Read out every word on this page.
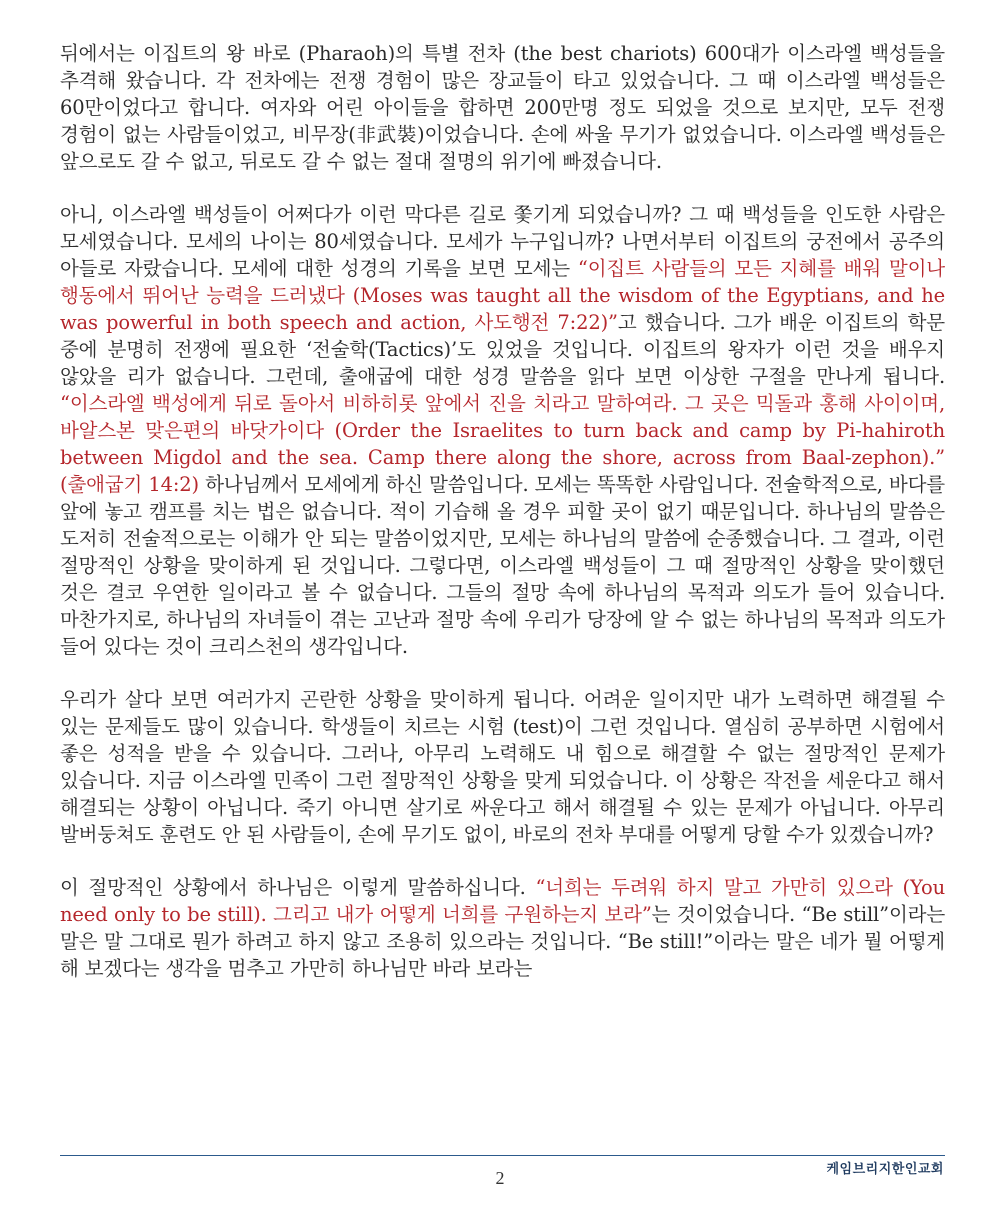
뒤에서는 이집트의 왕 바로 (Pharaoh)의 특별 전차 (the best chariots) 600대가 이스라엘 백성들을 추격해 왔습니다. 각 전차에는 전쟁 경험이 많은 장교들이 타고 있었습니다. 그 때 이스라엘 백성들은 60만이었다고 합니다. 여자와 어린 아이들을 합하면 200만명 정도 되었을 것으로 보지만, 모두 전쟁 경험이 없는 사람들이었고, 비무장(非武裝)이었습니다. 손에 싸울 무기가 없었습니다. 이스라엘 백성들은 앞으로도 갈 수 없고, 뒤로도 갈 수 없는 절대 절명의 위기에 빠졌습니다.

아니, 이스라엘 백성들이 어쩌다가 이런 막다른 길로 쫓기게 되었습니까? 그 때 백성들을 인도한 사람은 모세였습니다. 모세의 나이는 80세였습니다. 모세가 누구입니까? 나면서부터 이집트의 궁전에서 공주의 아들로 자랐습니다. 모세에 대한 성경의 기록을 보면 모세는 “이집트 사람들의 모든 지혜를 배워 말이나 행동에서 뛰어난 능력을 드러냈다 (Moses was taught all the wisdom of the Egyptians, and he was powerful in both speech and action, 사도행전 7:22)”고 했습니다. 그가 배운 이집트의 학문 중에 분명히 전쟁에 필요한 ‘전술학(Tactics)’도 있었을 것입니다. 이집트의 왕자가 이런 것을 배우지 않았을 리가 없습니다. 그런데, 출애굽에 대한 성경 말씀을 읽다 보면 이상한 구절을 만나게 됩니다. “이스라엘 백성에게 뒤로 돌아서 비하히롯 앞에서 진을 치라고 말하여라. 그 곳은 믹돌과 홍해 사이이며, 바알스본 맞은편의 바닷가이다 (Order the Israelites to turn back and camp by Pi-hahiroth between Migdol and the sea. Camp there along the shore, across from Baal-zephon).” (출애굽기 14:2) 하나님께서 모세에게 하신 말씀입니다. 모세는 똑똑한 사람입니다. 전술학적으로, 바다를 앞에 놓고 캠프를 치는 법은 없습니다. 적이 기습해 올 경우 피할 곳이 없기 때문입니다. 하나님의 말씀은 도저히 전술적으로는 이해가 안 되는 말씀이었지만, 모세는 하나님의 말씀에 순종했습니다. 그 결과, 이런 절망적인 상황을 맞이하게 된 것입니다. 그렇다면, 이스라엘 백성들이 그 때 절망적인 상황을 맞이했던 것은 결코 우연한 일이라고 볼 수 없습니다. 그들의 절망 속에 하나님의 목적과 의도가 들어 있습니다. 마찬가지로, 하나님의 자녀들이 겪는 고난과 절망 속에 우리가 당장에 알 수 없는 하나님의 목적과 의도가 들어 있다는 것이 크리스천의 생각입니다.

우리가 살다 보면 여러가지 곤란한 상황을 맞이하게 됩니다. 어려운 일이지만 내가 노력하면 해결될 수 있는 문제들도 많이 있습니다. 학생들이 치르는 시험 (test)이 그런 것입니다. 열심히 공부하면 시험에서 좋은 성적을 받을 수 있습니다. 그러나, 아무리 노력해도 내 힘으로 해결할 수 없는 절망적인 문제가 있습니다. 지금 이스라엘 민족이 그런 절망적인 상황을 맞게 되었습니다. 이 상황은 작전을 세운다고 해서 해결되는 상황이 아닙니다. 죽기 아니면 살기로 싸운다고 해서 해결될 수 있는 문제가 아닙니다. 아무리 발버둥쳐도 훈련도 안 된 사람들이, 손에 무기도 없이, 바로의 전차 부대를 어떻게 당할 수가 있겠습니까?

이 절망적인 상황에서 하나님은 이렇게 말씀하십니다. “너희는 두려워 하지 말고 가만히 있으라 (You need only to be still). 그리고 내가 어떻게 너희를 구원하는지 보라”는 것이었습니다. “Be still”이라는 말은 말 그대로 뭔가 하려고 하지 않고 조용히 있으라는 것입니다. “Be still!”이라는 말은 네가 뭘 어떻게 해 보겠다는 생각을 멈추고 가만히 하나님만 바라 보라는

케임브리지한인교회
2
